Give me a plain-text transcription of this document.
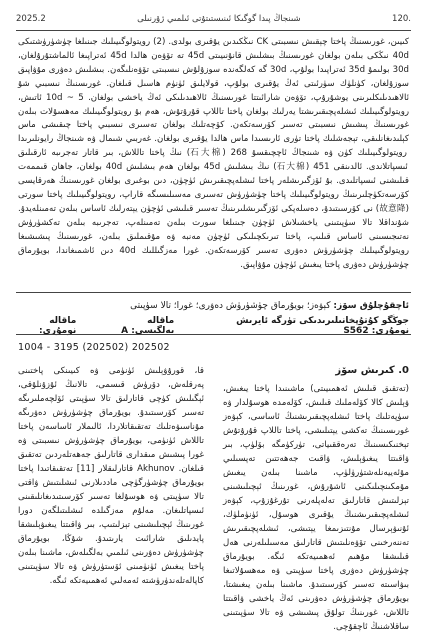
2025.2	شىنجاڭ پىدا گوگىكا ئىنىستىتۇتى ئىلمىي ژۇرنىلى	120.

كىيىن، غورىسنىڭ پاختا چېقىش نىسبىتى CK نىڭكىدىن يۇقىرى بولدى. (2) رويتولوگىيىلىك جىنىلغا چۈشۈرۈشتىكى 40d نىڭكى بىلەن بولغان غورىسنىڭ بىشلىش قانۇنىيىتى 45d تە تۆۋەن ھالدا 45d ئەتراپىغا ئالماشتۇرۇلغان، 30d بولىمۇ 35d ئەتراپىدا بولۇپ، 30d گە كەلگەندە سوزۇلۇش نىسبىتى تۆۋەنلىگەن. بىشلىش دەۋرى مۇۋاپىق سوزۇلغان، كۈنلۈك سۈرئىتى ئەڭ يۇقىرى بولۇپ، قولايلىق ئۈنۈم ھاسىل قىلغان. غورىسنىڭ نىسبىي شۇ ئالاھىدىلىكلىرىنى يوشۇرۇپ، تۆۋەن شارائىتتا غورىسنىڭ ئالاھىدىلىكى ئەڭ ياخشى بولغان. 10d ~ 5 ئاتىش، رويتولوگىيىلىك ئىشلەپچىقىرىشتا يەرلىك بولغان پاختا تاللاپ قۇرۇتۇش، ھەم بۇ رويتولوگىيىلىك مەھسۇلات بىلەن غورىسنىڭ پىشىش نىسبىتى تەسىر كۆرسەتكەن. كۆچەتلىك بولغان تەسىرى نىسبىي پاختا چىقىشى ماس كېلىدىغانلىقى، تېجەشلىك پاختا تۈرى ئارىسىدا ماس ھالدا يۇقىرى بولغان. غەربىي شىمال ۋە شىنجاڭ رايونلىرىدا رويتولوگىيىلىك كۈن ۋە شىنجاڭ ئاچچىقسۇ 268 (石大棉) نىڭ پاختا تاللاش، بىر قاتار تەجرىبە ئارقىلىق ئىسپاتلاندى. ئالدىنقى 451 (石大棉) نىڭ بىشلىش 45d بولغان ھەم بىشلىش 40d بولغان، جاھان قىممەت قىلىشنى ئىسپاتلىدى. بۇ ئۆزگىرىشلەر پاختا ئىشلەپچىقىرىش ئۈچۈن، دىن بوغىرى بولغان غورىسنىڭ ھەرقايسى كۆرسەتكۈچلىرىنىڭ رويتولوگىيىلىك پاختا چۈشۈرۈش تەسىرى مەسىلىسىگە قاراپ، رويتولوگىيىلىك پاختا سورتى (故意降) نى كۆرسىتىدۇ، دەسلەپكى ئۆزگىرىشلىرىنىڭ تەسىر قىلىشى ئۈچۈن يېتەرلىك ئاساس بىلەن تەمىنلەيدۇ. شۇنداقلا تالا سۈپىتىنى ياخشىلاش ئۈچۈن جىنىلغا سورت بىلەن تەمىنلەپ، تەجرىبە بىلەن تەكشۈرۈش نەتىجىسىنى ئاساس قىلىپ، پاختا تىرىكچىلىكى ئۈچۈن مەنبە ۋە مۇقىملىق بىلەن، غورىسنىڭ پىشىشىغا رويتولوگىيىلىك چۈشۈرۈش دەۋرى تەسىر كۆرسەتكەن. غورا مەزگىللىك 40d دىن ئاشمىغاندا، بويۇرماق چۈشۈرۈش دەۋرى پاختا يىغىش ئۈچۈن مۇۋاپىق.

ئاچقۇچلۇق سۆز: كېۋەز؛ بويۇرماق چۈشۈرۈش دەۋرى؛ غورا؛ تالا سۈپىتى
جوڭگو كۇتۇپخانىلىرىدىكى تۈرگە ئايرىش نومۇرى: S562
ماقالە بەلگىسى: A
ماقالە نومۇرى:
1004 - 3195 (202502) 202502
0. كىرىش سۆز

(تەتقىق قىلىش ئەھمىيىتى) ماشىنىدا پاختا يىغىش، ۋېلىش كالا كۆلەملىك قىلىش، كۆلەمدە ھوسۇلدار ۋە سۈپەتلىك پاختا ئىشلەپچىقىرىشنىڭ ئاساسى، كېۋەز غورىسىنىڭ تەكشى يېتىلىشى، پاختا تاللاپ قۇرۇتۇش تېخنىكىسىنىڭ تەرەققىياتى، تۈركۈمگە بۆلۈپ، بىر ۋاقىتتا يىغىۋېلىش، ۋاقىت جەھەتتىن تەپسىلىي مۇئەييەنلەشتۈرۈلۈپ، ماشىنا بىلەن يىغىش مۇمكىنچىلىكىنى ئاشۇرۇش، غورىنىڭ ئېچىلىشىنى تېزلىتىش قاتارلىق تەلەپلەرنى تۇرغۇزۇپ، كېۋەز ئىشلەپچىقىرىشنىڭ يۇقىرى ھوسۇل، ئۈنۈملۈك، ئۇنىۋېرسال مۇنتىزىمغا يېتىشى، ئىشلەپچىقىرىش تەننەرخىنى تۆۋەنلىتىش قاتارلىق مەسىلىلەرنى ھەل قىلىشقا مۇھىم ئەھمىيەتكە ئىگە. بويۇرماق چۈشۈرۈش دەۋرى پاختا سۈپىتى ۋە مەھسۇلاتىغا بىۋاسىتە تەسىر كۆرسىتىدۇ. ماشىنا بىلەن يىغىشتا، بويۇرماق چۈشۈرۈش دەۋرىنى ئەڭ ياخشى ۋاقىتتا تاللاش، غورىنىڭ تولۇق پىشىشى ۋە تالا سۈپىتىنى ساقلاشنىڭ ئاچقۇچى.

قا، قورۇۋېلىش ئۈنۈمى ۋە كىيىنكى پاختىنى پەرقلەش، دۆرۈش قىسمى، تالانىڭ ئۇزۇنلۇقى، ئېگىلىش كۈچى قاتارلىق تالا سۈپىتى ئۆلچەملىرىگە تەسىر كۆرسىتىدۇ. بويۇرماق چۈشۈرۈش دەۋرىگە مۇناسىۋەتلىك تەتقىقاتلاردا، ئالىملار ئاساسەن پاختا تاللاش ئۈنۈمى، بويۇرماق چۈشۈرۈش نىسبىتى ۋە غورا پىشىش مىقدارى قاتارلىق جەھەتلەردىن تەتقىق قىلغان. Akhunov قاتارلىقلار [11] تەتقىقاتىدا پاختا بويۇرماق چۈشۈرگۈچى ماددىلارنى ئىشلىتىش ۋاقتى تالا سۈپىتى ۋە ھوسۇلغا تەسىر كۆرسىتىدىغانلىقىنى ئىسپاتلىغان. مەلۇم مەزگىلدە ئىشلىتىلگەن دورا غورىنىڭ ئېچىلىشىنى تېزلىتىپ، بىر ۋاقىتتا يىغىۋېلىشقا پايدىلىق شارائىت يارىتىدۇ. شۇڭا، بويۇرماق چۈشۈرۈش دەۋرىنى ئىلمىي بەلگىلەش، ماشىنا بىلەن پاختا يىغىش ئۈنۈمىنى ئۆستۈرۈش ۋە تالا سۈپىتىنى كاپالەتلەندۈرۈشتە ئەمەلىي ئەھمىيەتكە ئىگە.
